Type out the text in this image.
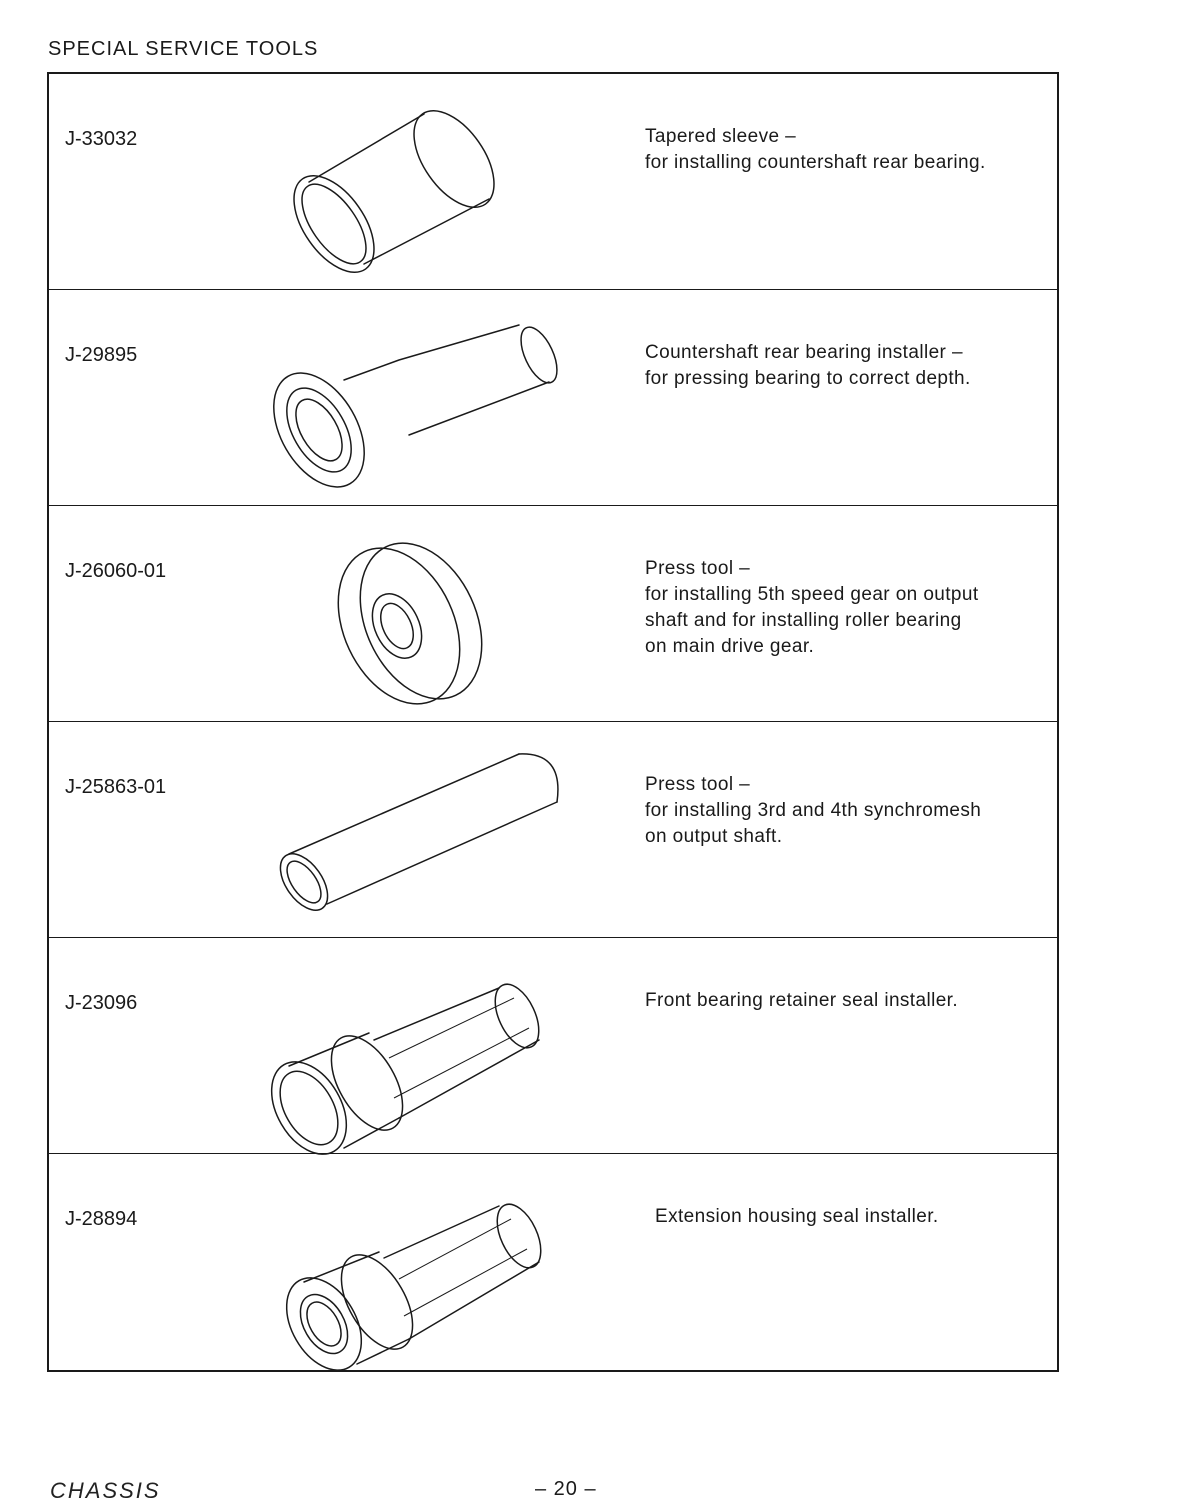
SPECIAL SERVICE TOOLS
J-33032	Tapered sleeve –
for installing countershaft rear bearing.
J-29895	Countershaft rear bearing installer –
for pressing bearing to correct depth.
J-26060-01	Press tool –
for installing 5th speed gear on output
shaft and for installing roller bearing
on main drive gear.
J-25863-01	Press tool –
for installing 3rd and 4th synchromesh
on output shaft.
J-23096	Front bearing retainer seal installer.
J-28894	Extension housing seal installer.
CHASSIS	– 20 –
